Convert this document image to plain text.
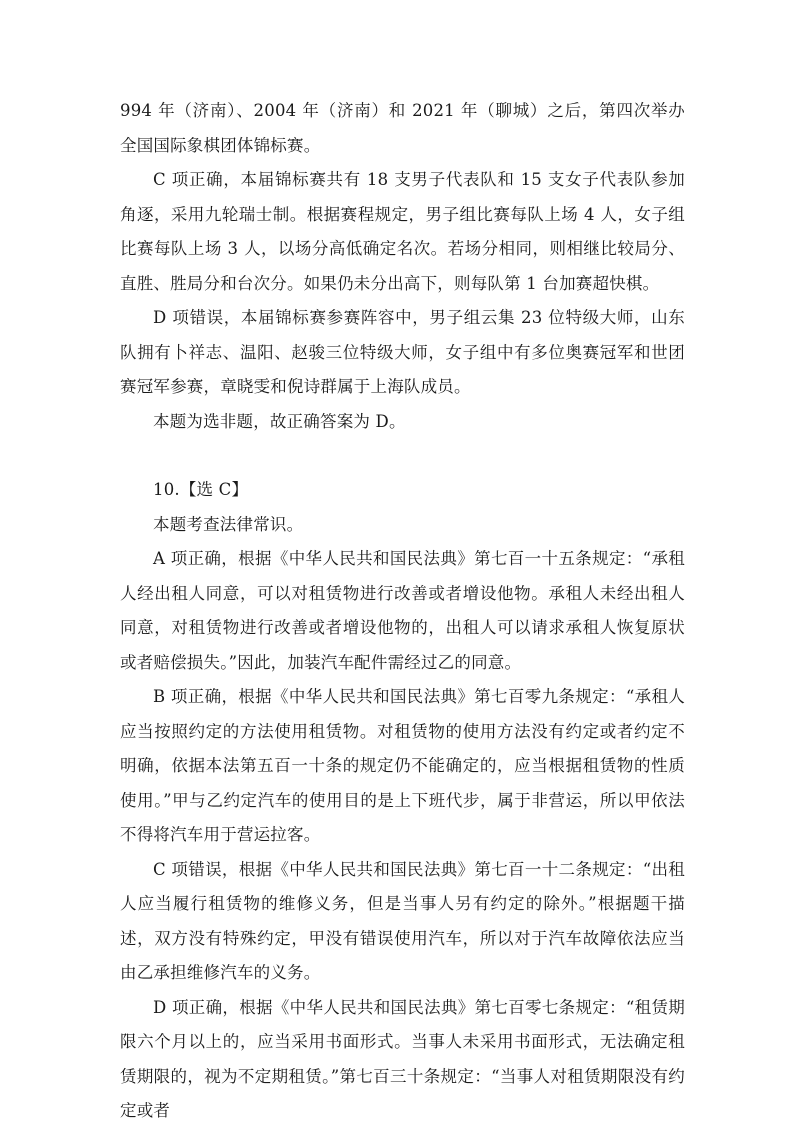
994 年（济南）、2004 年（济南）和 2021 年（聊城）之后，第四次举办全国国际象棋团体锦标赛。

C 项正确，本届锦标赛共有 18 支男子代表队和 15 支女子代表队参加角逐，采用九轮瑞士制。根据赛程规定，男子组比赛每队上场 4 人，女子组比赛每队上场 3 人，以场分高低确定名次。若场分相同，则相继比较局分、直胜、胜局分和台次分。如果仍未分出高下，则每队第 1 台加赛超快棋。

D 项错误，本届锦标赛参赛阵容中，男子组云集 23 位特级大师，山东队拥有卜祥志、温阳、赵骏三位特级大师，女子组中有多位奥赛冠军和世团赛冠军参赛，章晓雯和倪诗群属于上海队成员。

本题为选非题，故正确答案为 D。

10.【选 C】

本题考查法律常识。

A 项正确，根据《中华人民共和国民法典》第七百一十五条规定：“承租人经出租人同意，可以对租赁物进行改善或者增设他物。承租人未经出租人同意，对租赁物进行改善或者增设他物的，出租人可以请求承租人恢复原状或者赔偿损失。”因此，加装汽车配件需经过乙的同意。

B 项正确，根据《中华人民共和国民法典》第七百零九条规定：“承租人应当按照约定的方法使用租赁物。对租赁物的使用方法没有约定或者约定不明确，依据本法第五百一十条的规定仍不能确定的，应当根据租赁物的性质使用。”甲与乙约定汽车的使用目的是上下班代步，属于非营运，所以甲依法不得将汽车用于营运拉客。

C 项错误，根据《中华人民共和国民法典》第七百一十二条规定：“出租人应当履行租赁物的维修义务，但是当事人另有约定的除外。”根据题干描述，双方没有特殊约定，甲没有错误使用汽车，所以对于汽车故障依法应当由乙承担维修汽车的义务。

D 项正确，根据《中华人民共和国民法典》第七百零七条规定：“租赁期限六个月以上的，应当采用书面形式。当事人未采用书面形式，无法确定租赁期限的，视为不定期租赁。”第七百三十条规定：“当事人对租赁期限没有约定或者
